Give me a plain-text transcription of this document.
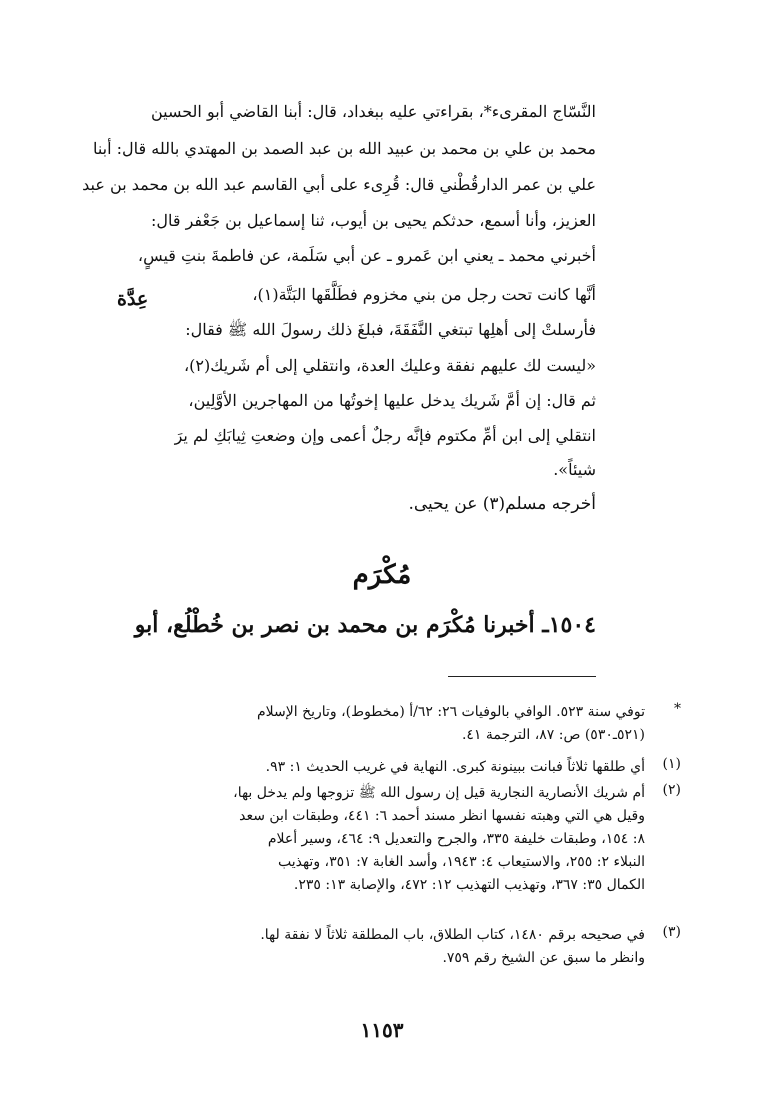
النَّسّاج المقرىء*، بقراءتي عليه ببغداد، قال: أبنا القاضي أبو الحسين
محمد بن علي بن محمد بن عبيد الله بن عبد الصمد بن المهتدي بالله قال: أبنا
علي بن عمر الدارقُطْني قال: قُرِىء على أبي القاسم عبد الله بن محمد بن عبد
العزيز، وأنا أسمع، حدثكم يحيى بن أيوب، ثنا إسماعيل بن جَعْفر قال:
أخبرني محمد ـ يعني ابن عَمرو ـ عن أبي سَلَمة، عن فاطمةَ بنتِ قيسٍ،
عِدَّة	أنَّها كانت تحت رجل من بني مخزوم فطَلَّقَها البَتَّة(١)،
فأرسلتْ إلى أهلِها تبتغي النَّفَقَةَ، فبلغَ ذلك رسولَ الله ﷺ فقال:
«ليست لك عليهم نفقة وعليك العدة، وانتقلي إلى أم شَريك(٢)،
ثم قال: إن أمَّ شَريك يدخل عليها إخوتُها من المهاجرين الأوَّلِين،
انتقلي إلى ابن أمِّ مكتوم فإنَّه رجلٌ أعمى وإن وضعتِ ثِيابَكِ لم يرَ
شيئاً».
أخرجه مسلم(٣) عن يحيى.
مُكْرَم
١٥٠٤ـ أخبرنا مُكْرَم بن محمد بن نصر بن خُطْلُع، أبو
*
توفي سنة ٥٢٣. الوافي بالوفيات ٢٦: ٦٢/أ (مخطوط)، وتاريخ الإسلام
(٥٢١ـ٥٣٠) ص: ٨٧، الترجمة ٤١.
(١)
أي طلقها ثلاثاً فبانت ببينونة كبرى. النهاية في غريب الحديث ١: ٩٣.
(٢)
أم شريك الأنصارية النجارية قيل إن رسول الله ﷺ تزوجها ولم يدخل بها،
وقيل هي التي وهبته نفسها انظر مسند أحمد ٦: ٤٤١، وطبقات ابن سعد
٨: ١٥٤، وطبقات خليفة ٣٣٥، والجرح والتعديل ٩: ٤٦٤، وسير أعلام
النبلاء ٢: ٢٥٥، والاستيعاب ٤: ١٩٤٣، وأسد الغابة ٧: ٣٥١، وتهذيب
الكمال ٣٥: ٣٦٧، وتهذيب التهذيب ١٢: ٤٧٢، والإصابة ١٣: ٢٣٥.
(٣)
في صحيحه برقم ١٤٨٠، كتاب الطلاق، باب المطلقة ثلاثاً لا نفقة لها.
وانظر ما سبق عن الشيخ رقم ٧٥٩.
١١٥٣
